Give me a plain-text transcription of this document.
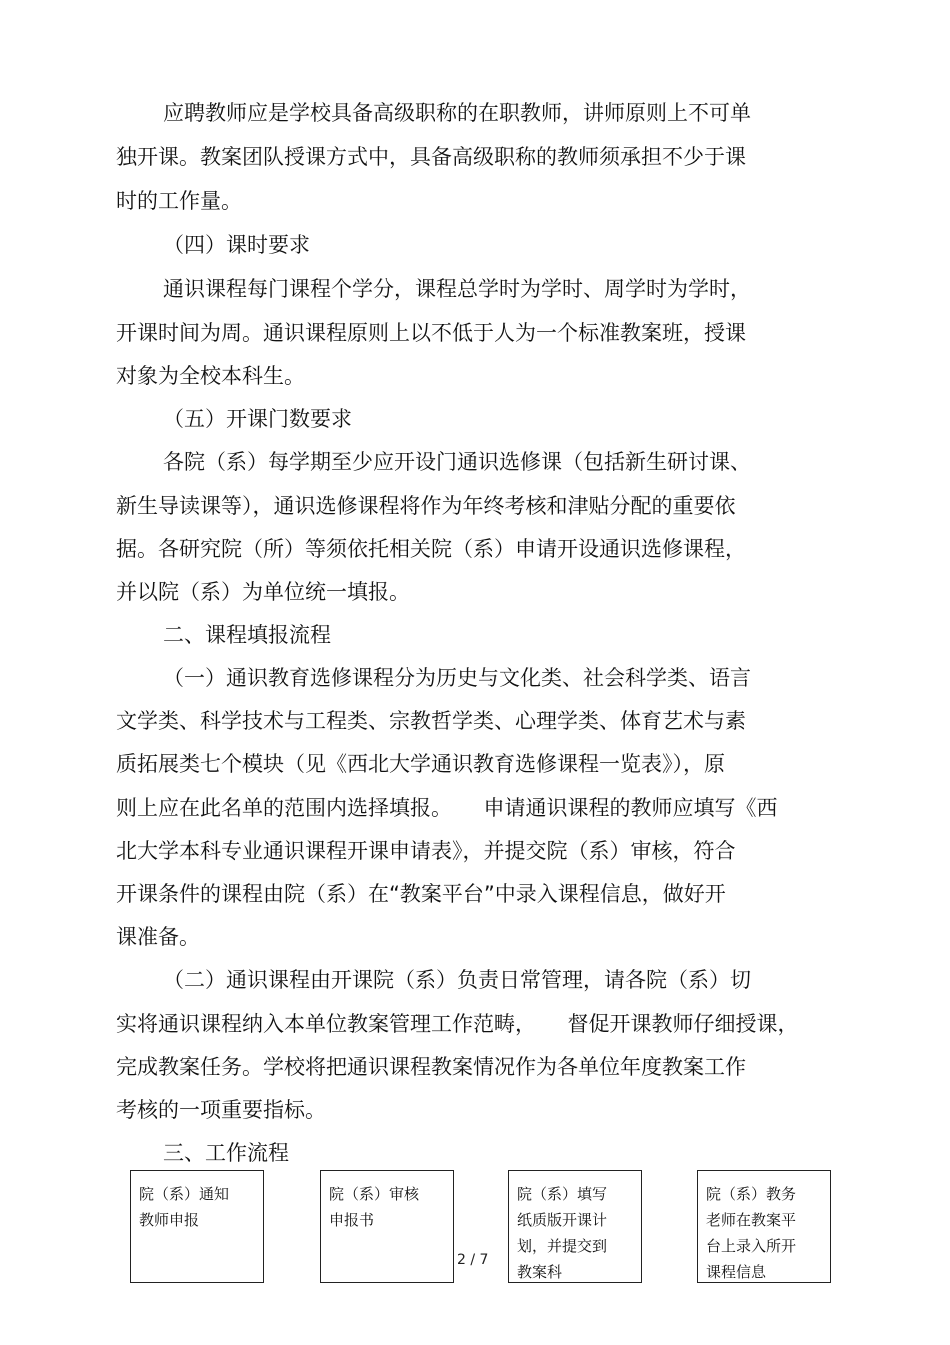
应聘教师应是学校具备高级职称的在职教师，讲师原则上不可单
独开课。教案团队授课方式中，具备高级职称的教师须承担不少于课
时的工作量。
（四）课时要求
通识课程每门课程个学分，课程总学时为学时、周学时为学时，
开课时间为周。通识课程原则上以不低于人为一个标准教案班，授课
对象为全校本科生。
（五）开课门数要求
各院（系）每学期至少应开设门通识选修课（包括新生研讨课、
新生导读课等），通识选修课程将作为年终考核和津贴分配的重要依
据。各研究院（所）等须依托相关院（系）申请开设通识选修课程，
并以院（系）为单位统一填报。
二、课程填报流程
（一）通识教育选修课程分为历史与文化类、社会科学类、语言
文学类、科学技术与工程类、宗教哲学类、心理学类、体育艺术与素
质拓展类七个模块（见《西北大学通识教育选修课程一览表》），原
则上应在此名单的范围内选择填报。　　申请通识课程的教师应填写《西
北大学本科专业通识课程开课申请表》，并提交院（系）审核，符合
开课条件的课程由院（系）在“教案平台”中录入课程信息，做好开
课准备。
（二）通识课程由开课院（系）负责日常管理，请各院（系）切
实将通识课程纳入本单位教案管理工作范畴，　　督促开课教师仔细授课，
完成教案任务。学校将把通识课程教案情况作为各单位年度教案工作
考核的一项重要指标。
三、工作流程
院（系）通知
教师申报
院（系）审核
申报书
院（系）填写
纸质版开课计
划，并提交到
教案科
院（系）教务
老师在教案平
台上录入所开
课程信息
2 / 7
